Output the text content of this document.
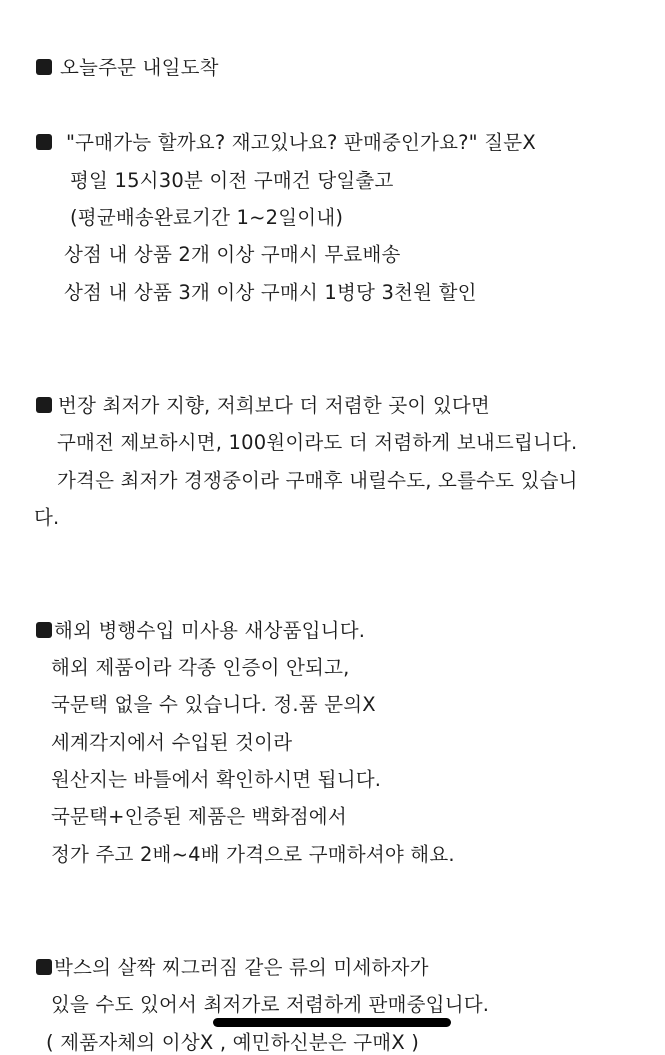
오늘주문 내일도착
"구매가능 할까요? 재고있나요? 판매중인가요?" 질문X
평일 15시30분 이전 구매건 당일출고
(평균배송완료기간 1~2일이내)
상점 내 상품 2개 이상 구매시 무료배송
상점 내 상품 3개 이상 구매시 1병당 3천원 할인
번장 최저가 지향, 저희보다 더 저렴한 곳이 있다면
구매전 제보하시면, 100원이라도 더 저렴하게 보내드립니다.
가격은 최저가 경쟁중이라 구매후 내릴수도, 오를수도 있습니
다.
해외 병행수입 미사용 새상품입니다.
해외 제품이라 각종 인증이 안되고,
국문택 없을 수 있습니다. 정.품 문의X
세계각지에서 수입된 것이라
원산지는 바틀에서 확인하시면 됩니다.
국문택+인증된 제품은 백화점에서
정가 주고 2배~4배 가격으로 구매하셔야 해요.
박스의 살짝 찌그러짐 같은 류의 미세하자가
있을 수도 있어서 최저가로 저렴하게 판매중입니다.
( 제품자체의 이상X , 예민하신분은 구매X )
